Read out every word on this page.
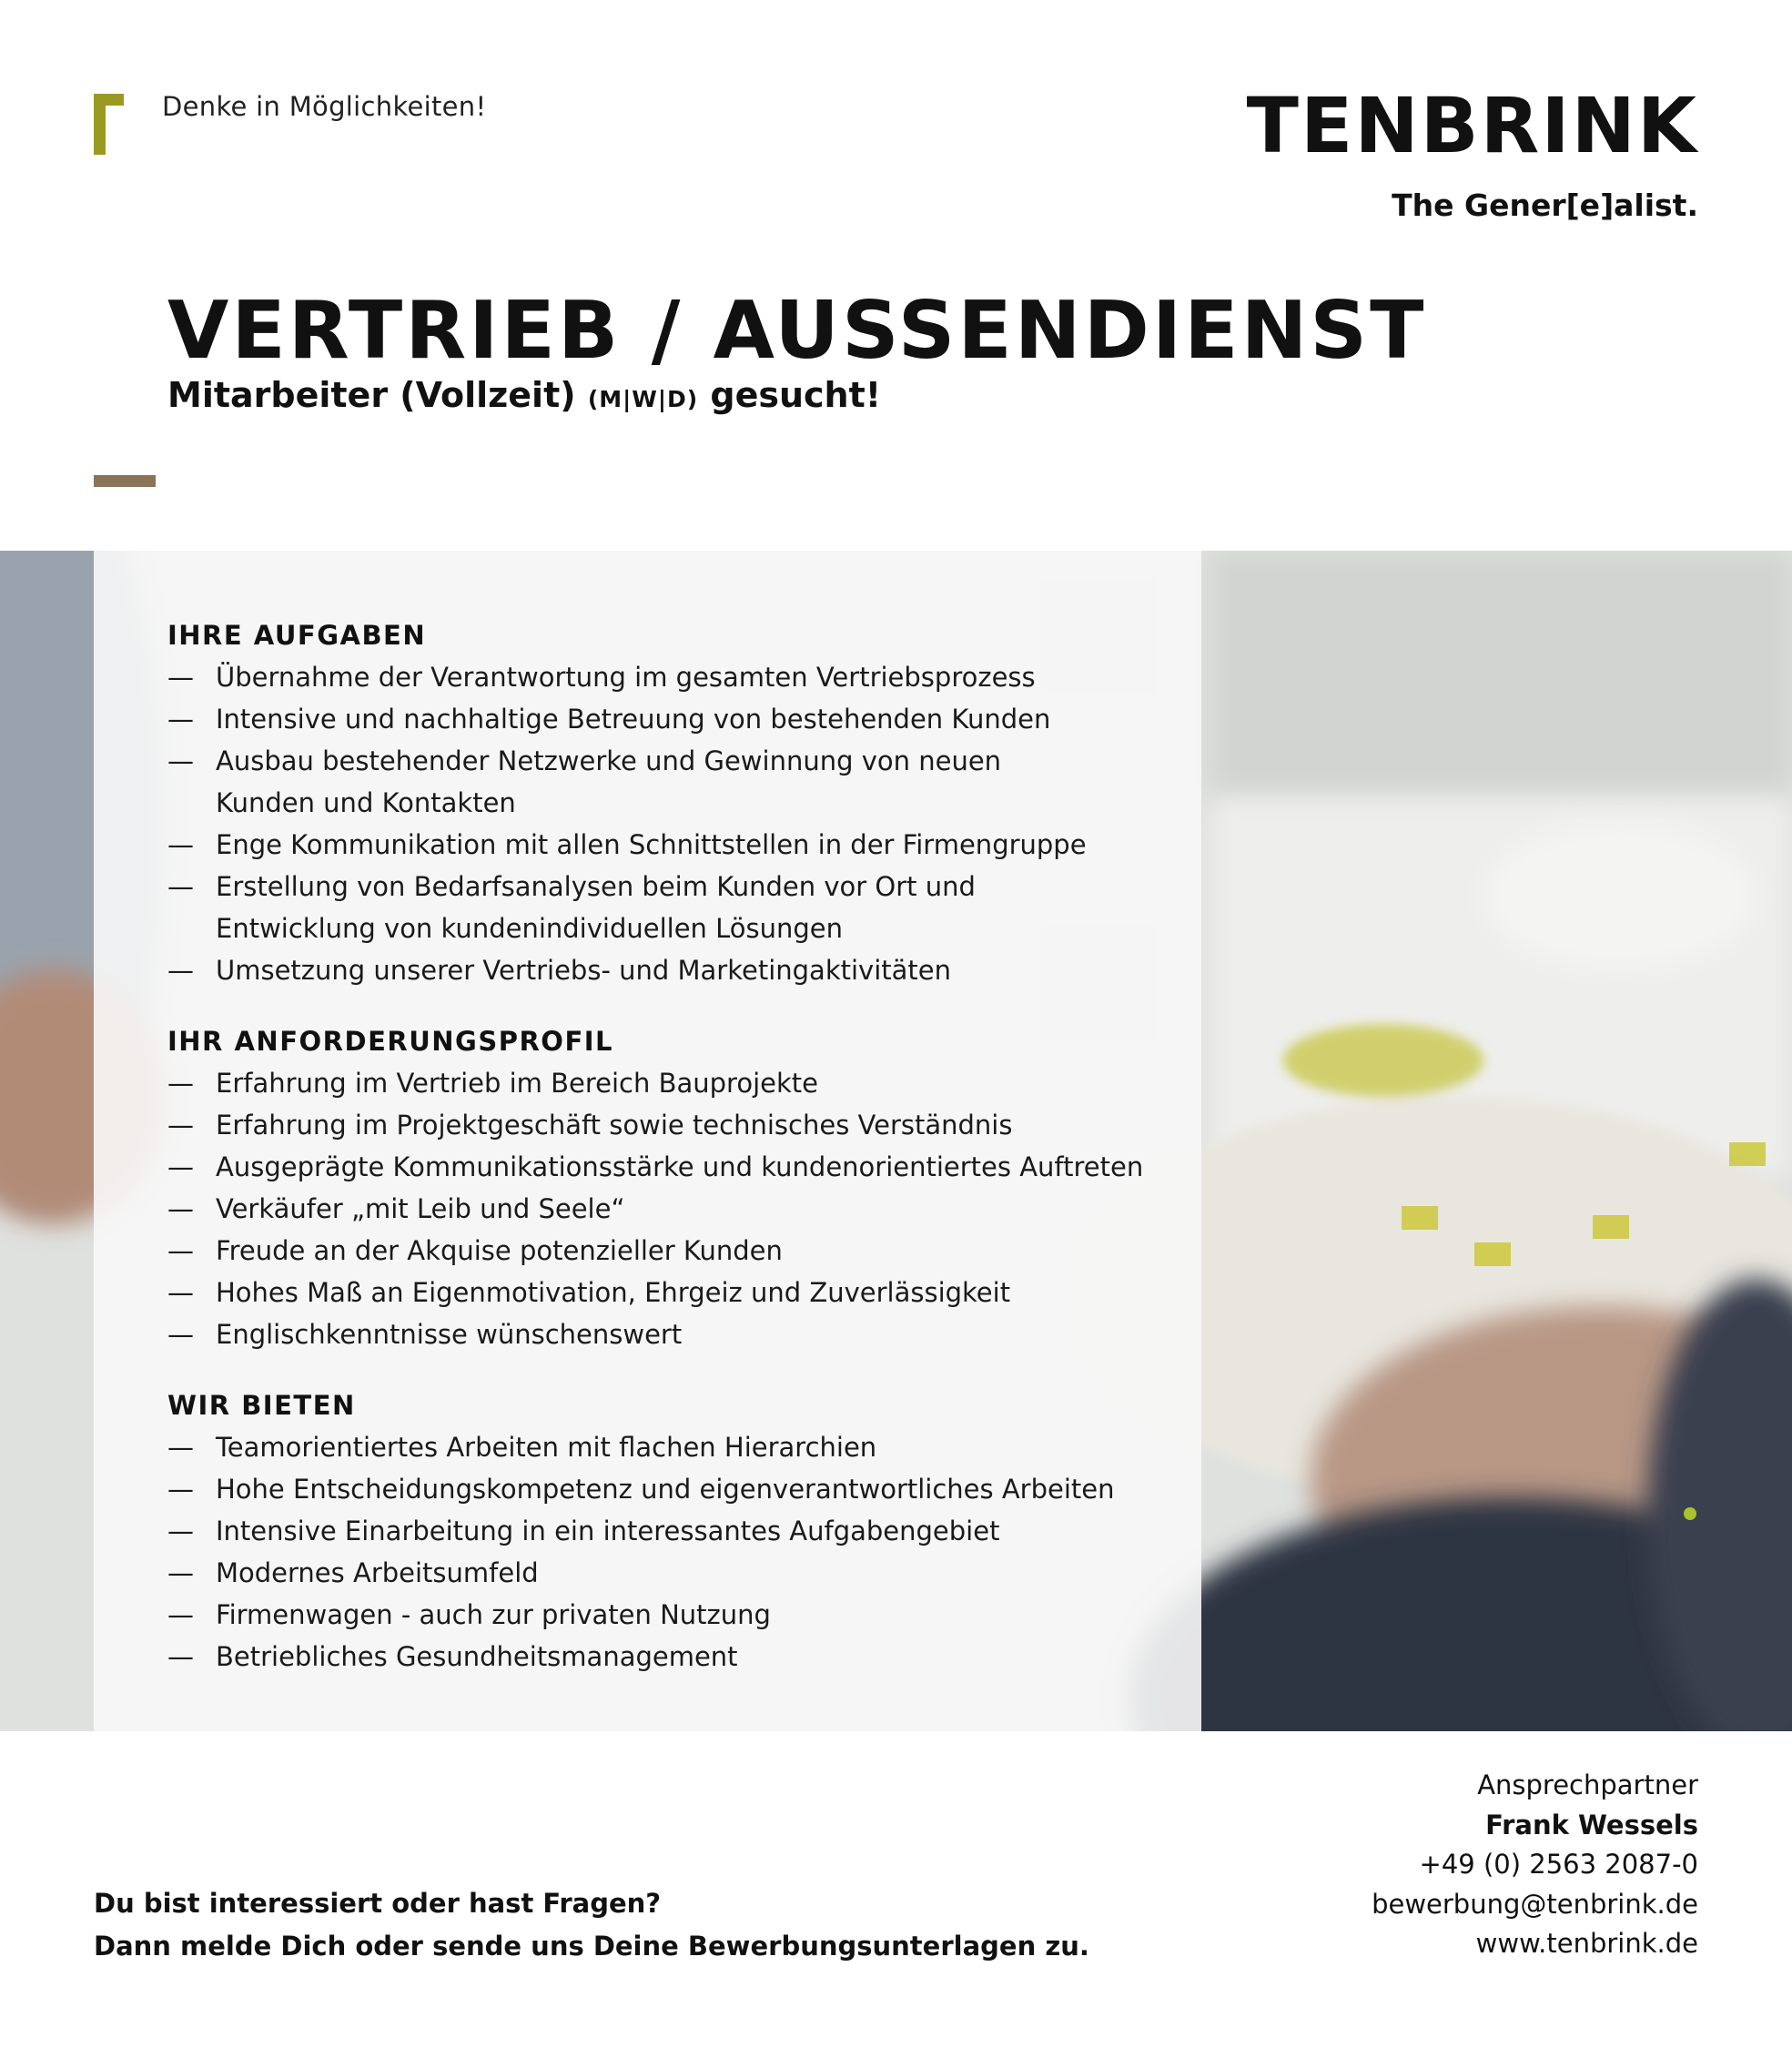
Denke in Möglichkeiten!	TENBRINK
The Gener[e]alist.
VERTRIEB / AUSSENDIENST
Mitarbeiter (Vollzeit) (M|W|D) gesucht!
IHRE AUFGABEN
— Übernahme der Verantwortung im gesamten Vertriebsprozess
— Intensive und nachhaltige Betreuung von bestehenden Kunden
— Ausbau bestehender Netzwerke und Gewinnung von neuen Kunden und Kontakten
— Enge Kommunikation mit allen Schnittstellen in der Firmengruppe
— Erstellung von Bedarfsanalysen beim Kunden vor Ort und Entwicklung von kundenindividuellen Lösungen
— Umsetzung unserer Vertriebs- und Marketingaktivitäten
IHR ANFORDERUNGSPROFIL
— Erfahrung im Vertrieb im Bereich Bauprojekte
— Erfahrung im Projektgeschäft sowie technisches Verständnis
— Ausgeprägte Kommunikationsstärke und kundenorientiertes Auftreten
— Verkäufer „mit Leib und Seele“
— Freude an der Akquise potenzieller Kunden
— Hohes Maß an Eigenmotivation, Ehrgeiz und Zuverlässigkeit
— Englischkenntnisse wünschenswert
WIR BIETEN
— Teamorientiertes Arbeiten mit flachen Hierarchien
— Hohe Entscheidungskompetenz und eigenverantwortliches Arbeiten
— Intensive Einarbeitung in ein interessantes Aufgabengebiet
— Modernes Arbeitsumfeld
— Firmenwagen - auch zur privaten Nutzung
— Betriebliches Gesundheitsmanagement
Ansprechpartner
Frank Wessels
+49 (0) 2563 2087-0
bewerbung@tenbrink.de
www.tenbrink.de
Du bist interessiert oder hast Fragen?
Dann melde Dich oder sende uns Deine Bewerbungsunterlagen zu.
